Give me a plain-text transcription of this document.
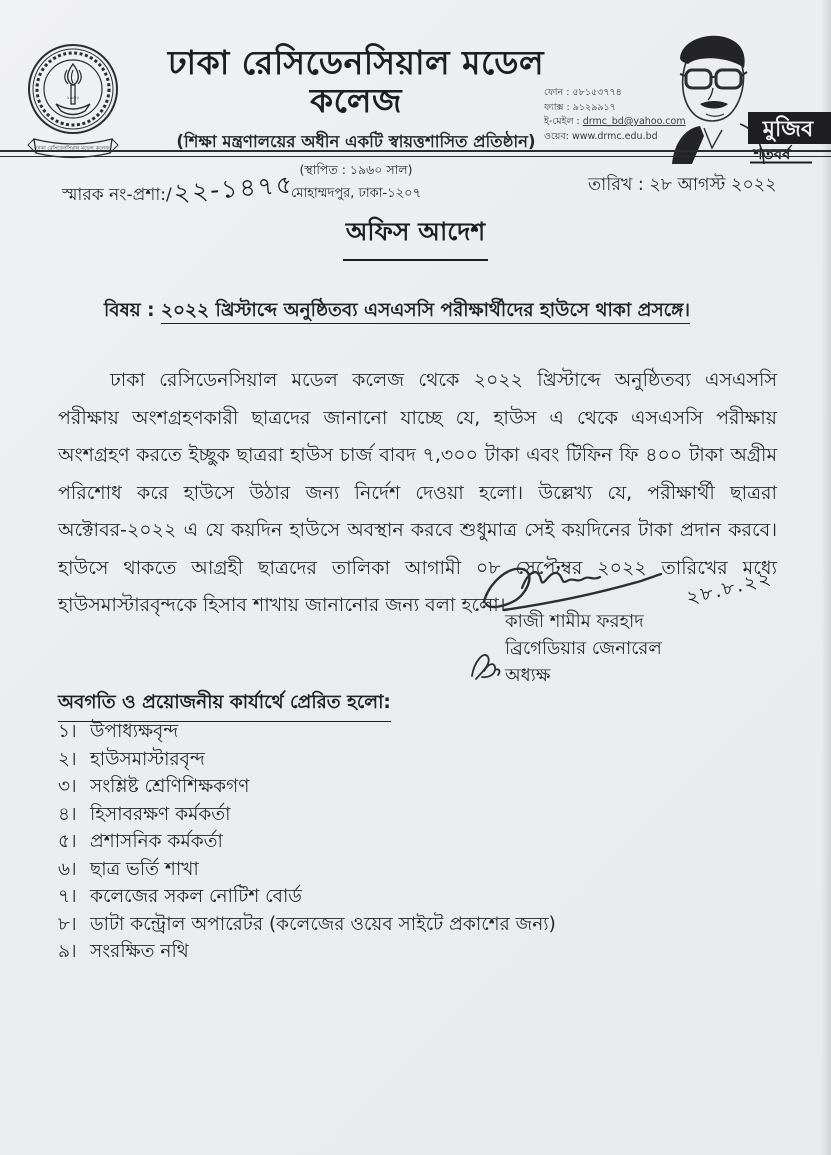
১৯৬০
ঢাকা রেসিডেনসিয়াল মডেল কলেজ
ঢাকা রেসিডেনসিয়াল মডেল কলেজ
(শিক্ষা মন্ত্রণালয়ের অধীন একটি স্বায়ত্তশাসিত প্রতিষ্ঠান)
(স্থাপিত : ১৯৬০ সাল)
মোহাম্মদপুর, ঢাকা-১২০৭
ফোন : ৫৮১৫৩৭৭৪
ফ্যাক্স : ৯১২৯৯১৭
ই-মেইল : drmc_bd@yahoo.com
ওয়েব: www.drmc.edu.bd	মুজিব
শতবর্ষ
স্মারক নং-প্রশা:/২২-১৪৭৫	তারিখ : ২৮ আগস্ট ২০২২
অফিস আদেশ
বিষয় : ২০২২ খ্রিস্টাব্দে অনুষ্ঠিতব্য এসএসসি পরীক্ষার্থীদের হাউসে থাকা প্রসঙ্গে।
ঢাকা রেসিডেনসিয়াল মডেল কলেজ থেকে ২০২২ খ্রিস্টাব্দে অনুষ্ঠিতব্য এসএসসি পরীক্ষায় অংশগ্রহণকারী ছাত্রদের জানানো যাচ্ছে যে, হাউস এ থেকে এসএসসি পরীক্ষায় অংশগ্রহণ করতে ইচ্ছুক ছাত্ররা হাউস চার্জ বাবদ ৭,৩০০ টাকা এবং টিফিন ফি ৪০০ টাকা অগ্রীম পরিশোধ করে হাউসে উঠার জন্য নির্দেশ দেওয়া হলো। উল্লেখ্য যে, পরীক্ষার্থী ছাত্ররা অক্টোবর-২০২২ এ যে কয়দিন হাউসে অবস্থান করবে শুধুমাত্র সেই কয়দিনের টাকা প্রদান করবে। হাউসে থাকতে আগ্রহী ছাত্রদের তালিকা আগামী ০৮ সেপ্টেম্বর ২০২২ তারিখের মধ্যে হাউসমাস্টারবৃন্দকে হিসাব শাখায় জানানোর জন্য বলা হলো।	২৮.৮.২২
কাজী শামীম ফরহাদ
ব্রিগেডিয়ার জেনারেল
অধ্যক্ষ
অবগতি ও প্রয়োজনীয় কার্যার্থে প্রেরিত হলো:
১। উপাধ্যক্ষবৃন্দ
২। হাউসমাস্টারবৃন্দ
৩। সংশ্লিষ্ট শ্রেণিশিক্ষকগণ
৪। হিসাবরক্ষণ কর্মকর্তা
৫। প্রশাসনিক কর্মকর্তা
৬। ছাত্র ভর্তি শাখা
৭। কলেজের সকল নোটিশ বোর্ড
৮। ডাটা কন্ট্রোল অপারেটর (কলেজের ওয়েব সাইটে প্রকাশের জন্য)
৯। সংরক্ষিত নথি
